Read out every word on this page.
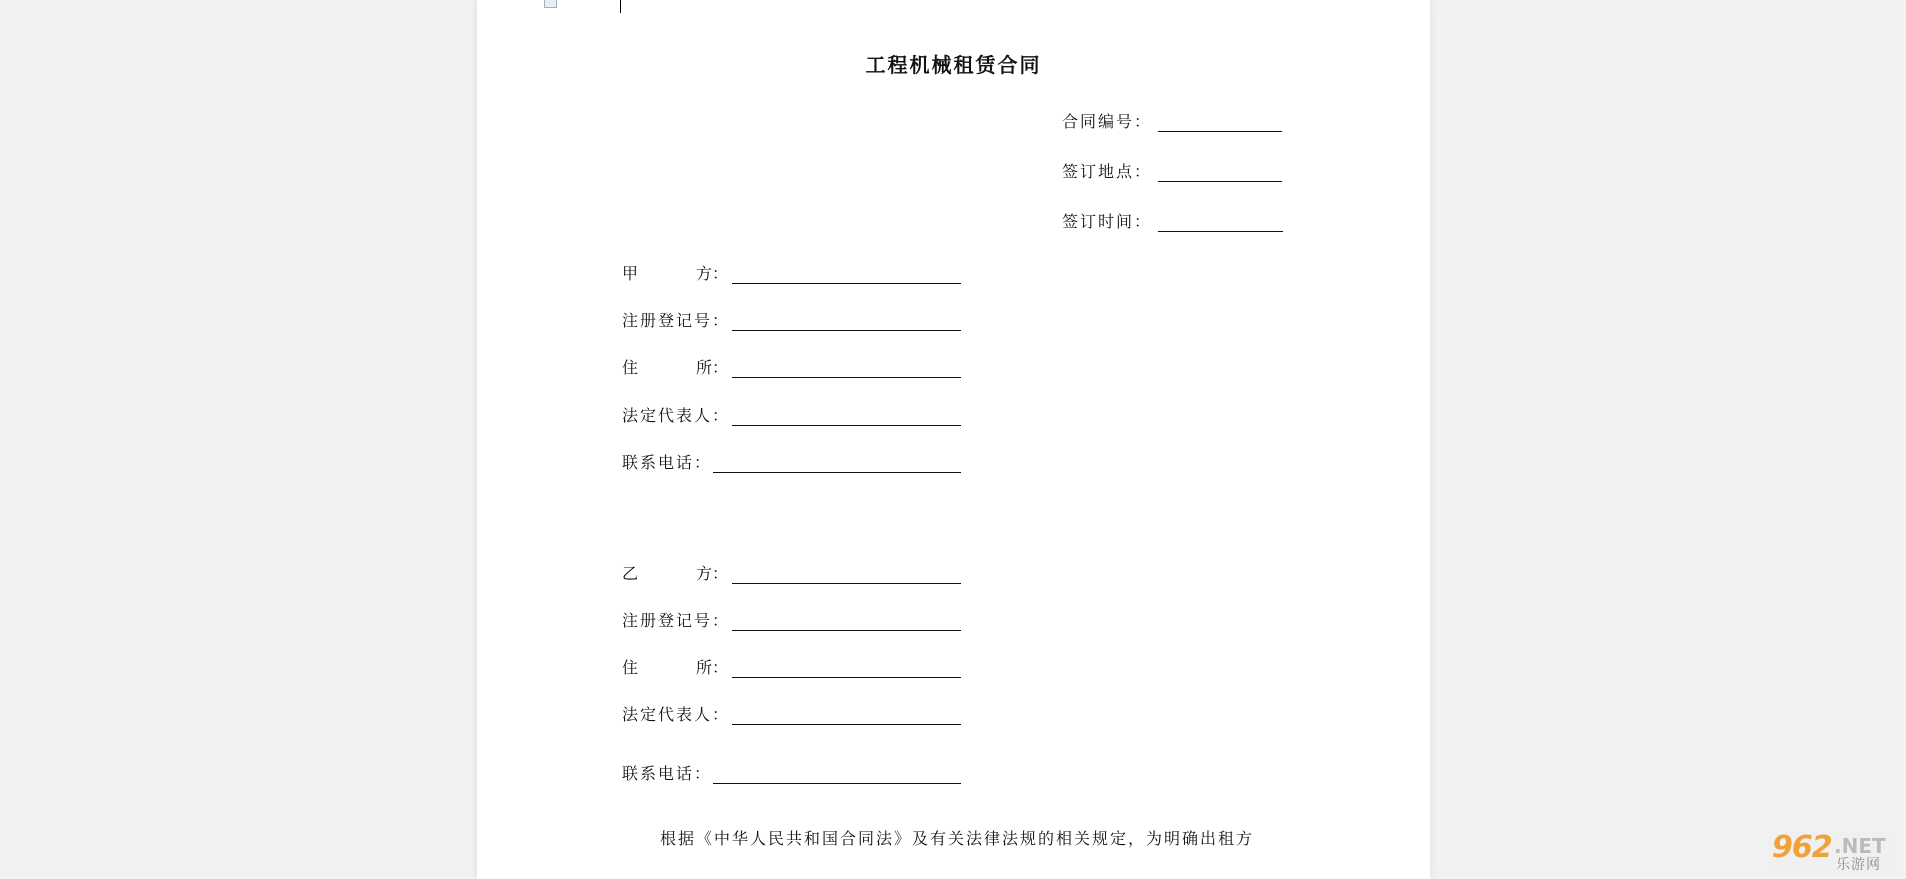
工程机械租赁合同
合同编号：
签订地点：
签订时间：
甲	方：
注册登记号：
住	所：
法定代表人：
联系电话：
乙	方：
注册登记号：
住	所：
法定代表人：
联系电话：
根据《中华人民共和国合同法》及有关法律法规的相关规定，为明确出租方	962 .NET
乐游网
